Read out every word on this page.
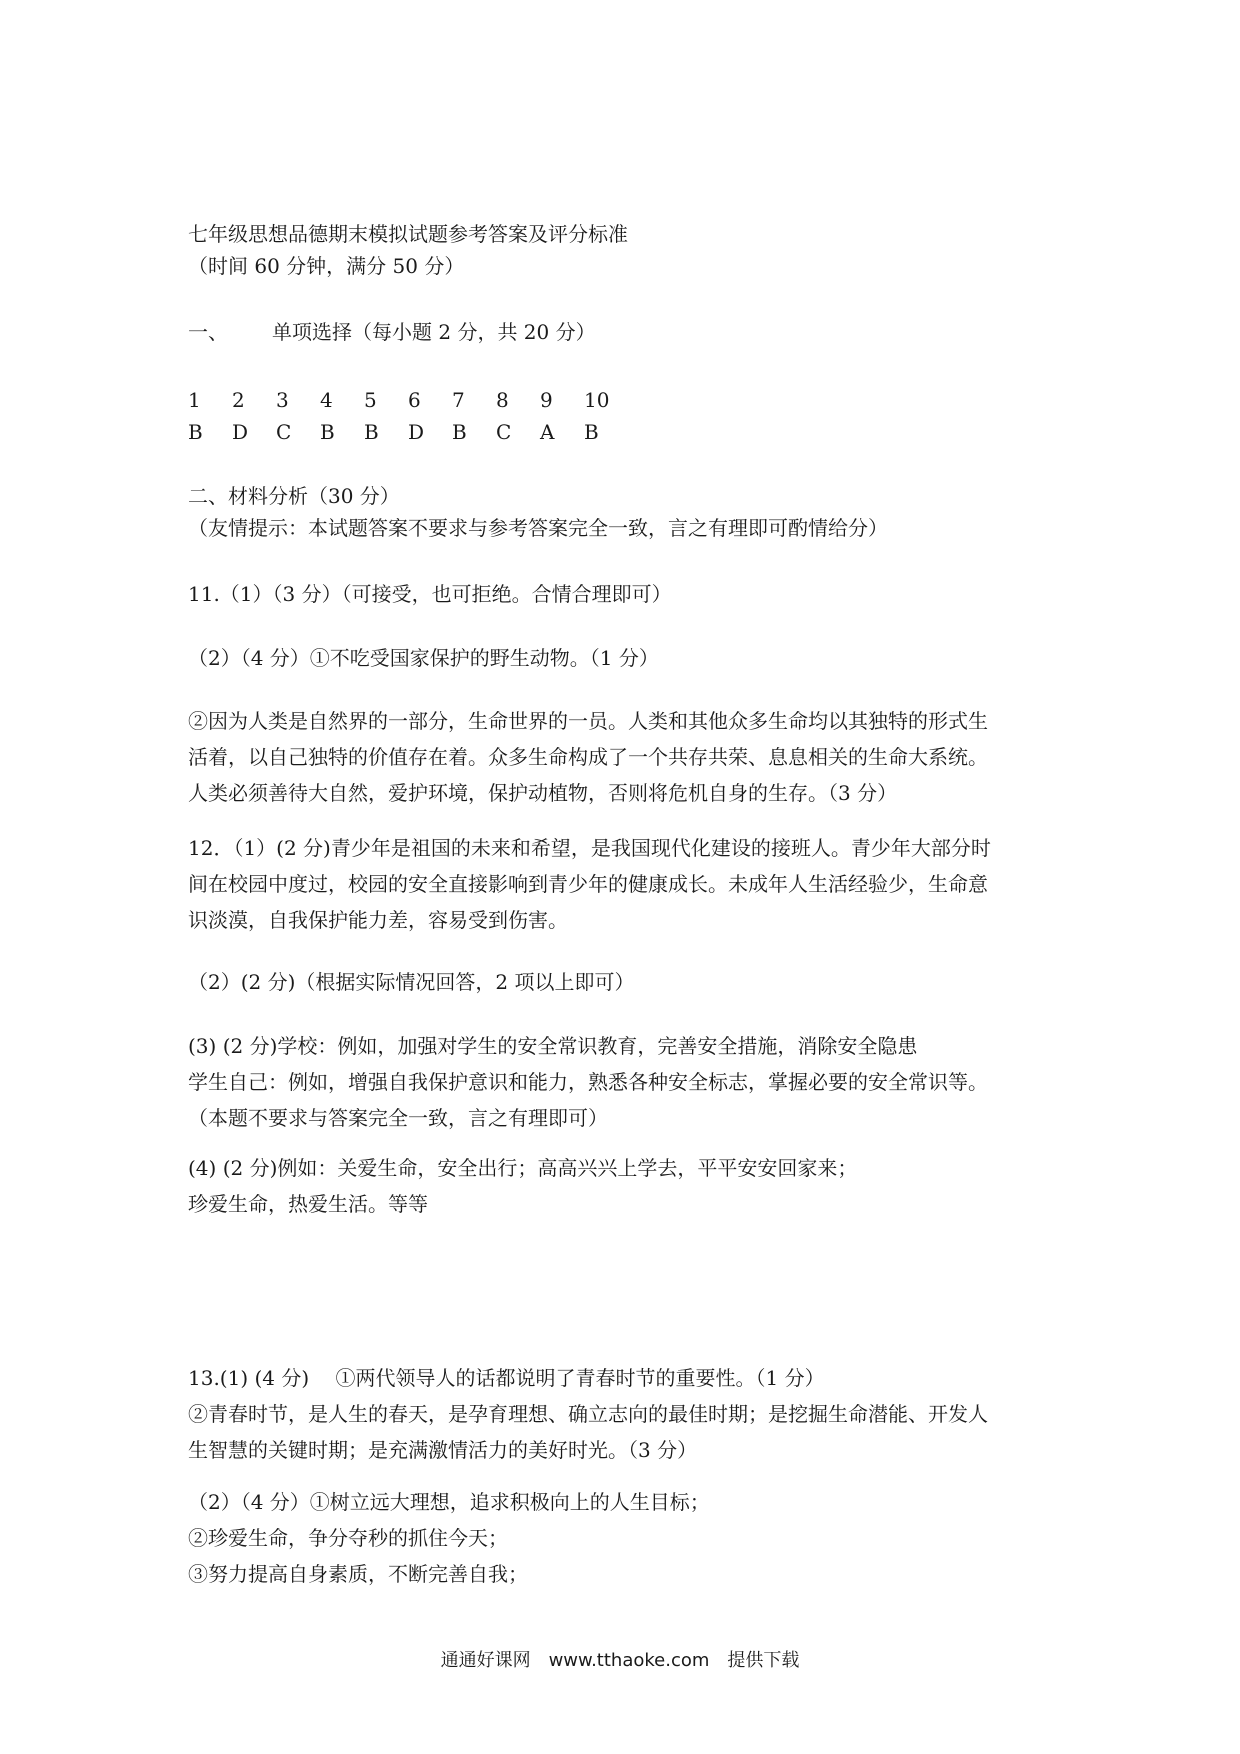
七年级思想品德期末模拟试题参考答案及评分标准
（时间 60 分钟，满分 50 分）
一、 单项选择（每小题 2 分，共 20 分）
1	2	3	4	5	6	7	8	9	10
B	D	C	B	B	D	B	C	A	B
二、材料分析（30 分）
（友情提示：本试题答案不要求与参考答案完全一致，言之有理即可酌情给分）
11.（1）（3 分）（可接受，也可拒绝。合情合理即可）
（2）（4 分）①不吃受国家保护的野生动物。（1 分）

②因为人类是自然界的一部分，生命世界的一员。人类和其他众多生命均以其独特的形式生

活着，以自己独特的价值存在着。众多生命构成了一个共存共荣、息息相关的生命大系统。

人类必须善待大自然，爱护环境，保护动植物，否则将危机自身的生存。（3 分）

12．（1）(2 分)青少年是祖国的未来和希望，是我国现代化建设的接班人。青少年大部分时

间在校园中度过，校园的安全直接影响到青少年的健康成长。未成年人生活经验少，生命意

识淡漠，自我保护能力差，容易受到伤害。

（2）(2 分)（根据实际情况回答，2 项以上即可）

(3) (2 分)学校：例如，加强对学生的安全常识教育，完善安全措施，消除安全隐患

学生自己：例如，增强自我保护意识和能力，熟悉各种安全标志，掌握必要的安全常识等。

（本题不要求与答案完全一致，言之有理即可）

(4) (2 分)例如：关爱生命，安全出行；高高兴兴上学去，平平安安回家来；

珍爱生命，热爱生活。等等

13.(1) (4 分)　 ①两代领导人的话都说明了青春时节的重要性。（1 分）

②青春时节，是人生的春天，是孕育理想、确立志向的最佳时期；是挖掘生命潜能、开发人

生智慧的关键时期；是充满激情活力的美好时光。（3 分）

（2）（4 分）①树立远大理想，追求积极向上的人生目标；

②珍爱生命，争分夺秒的抓住今天；

③努力提高自身素质，不断完善自我；

通通好课网　www.tthaoke.com　提供下载
